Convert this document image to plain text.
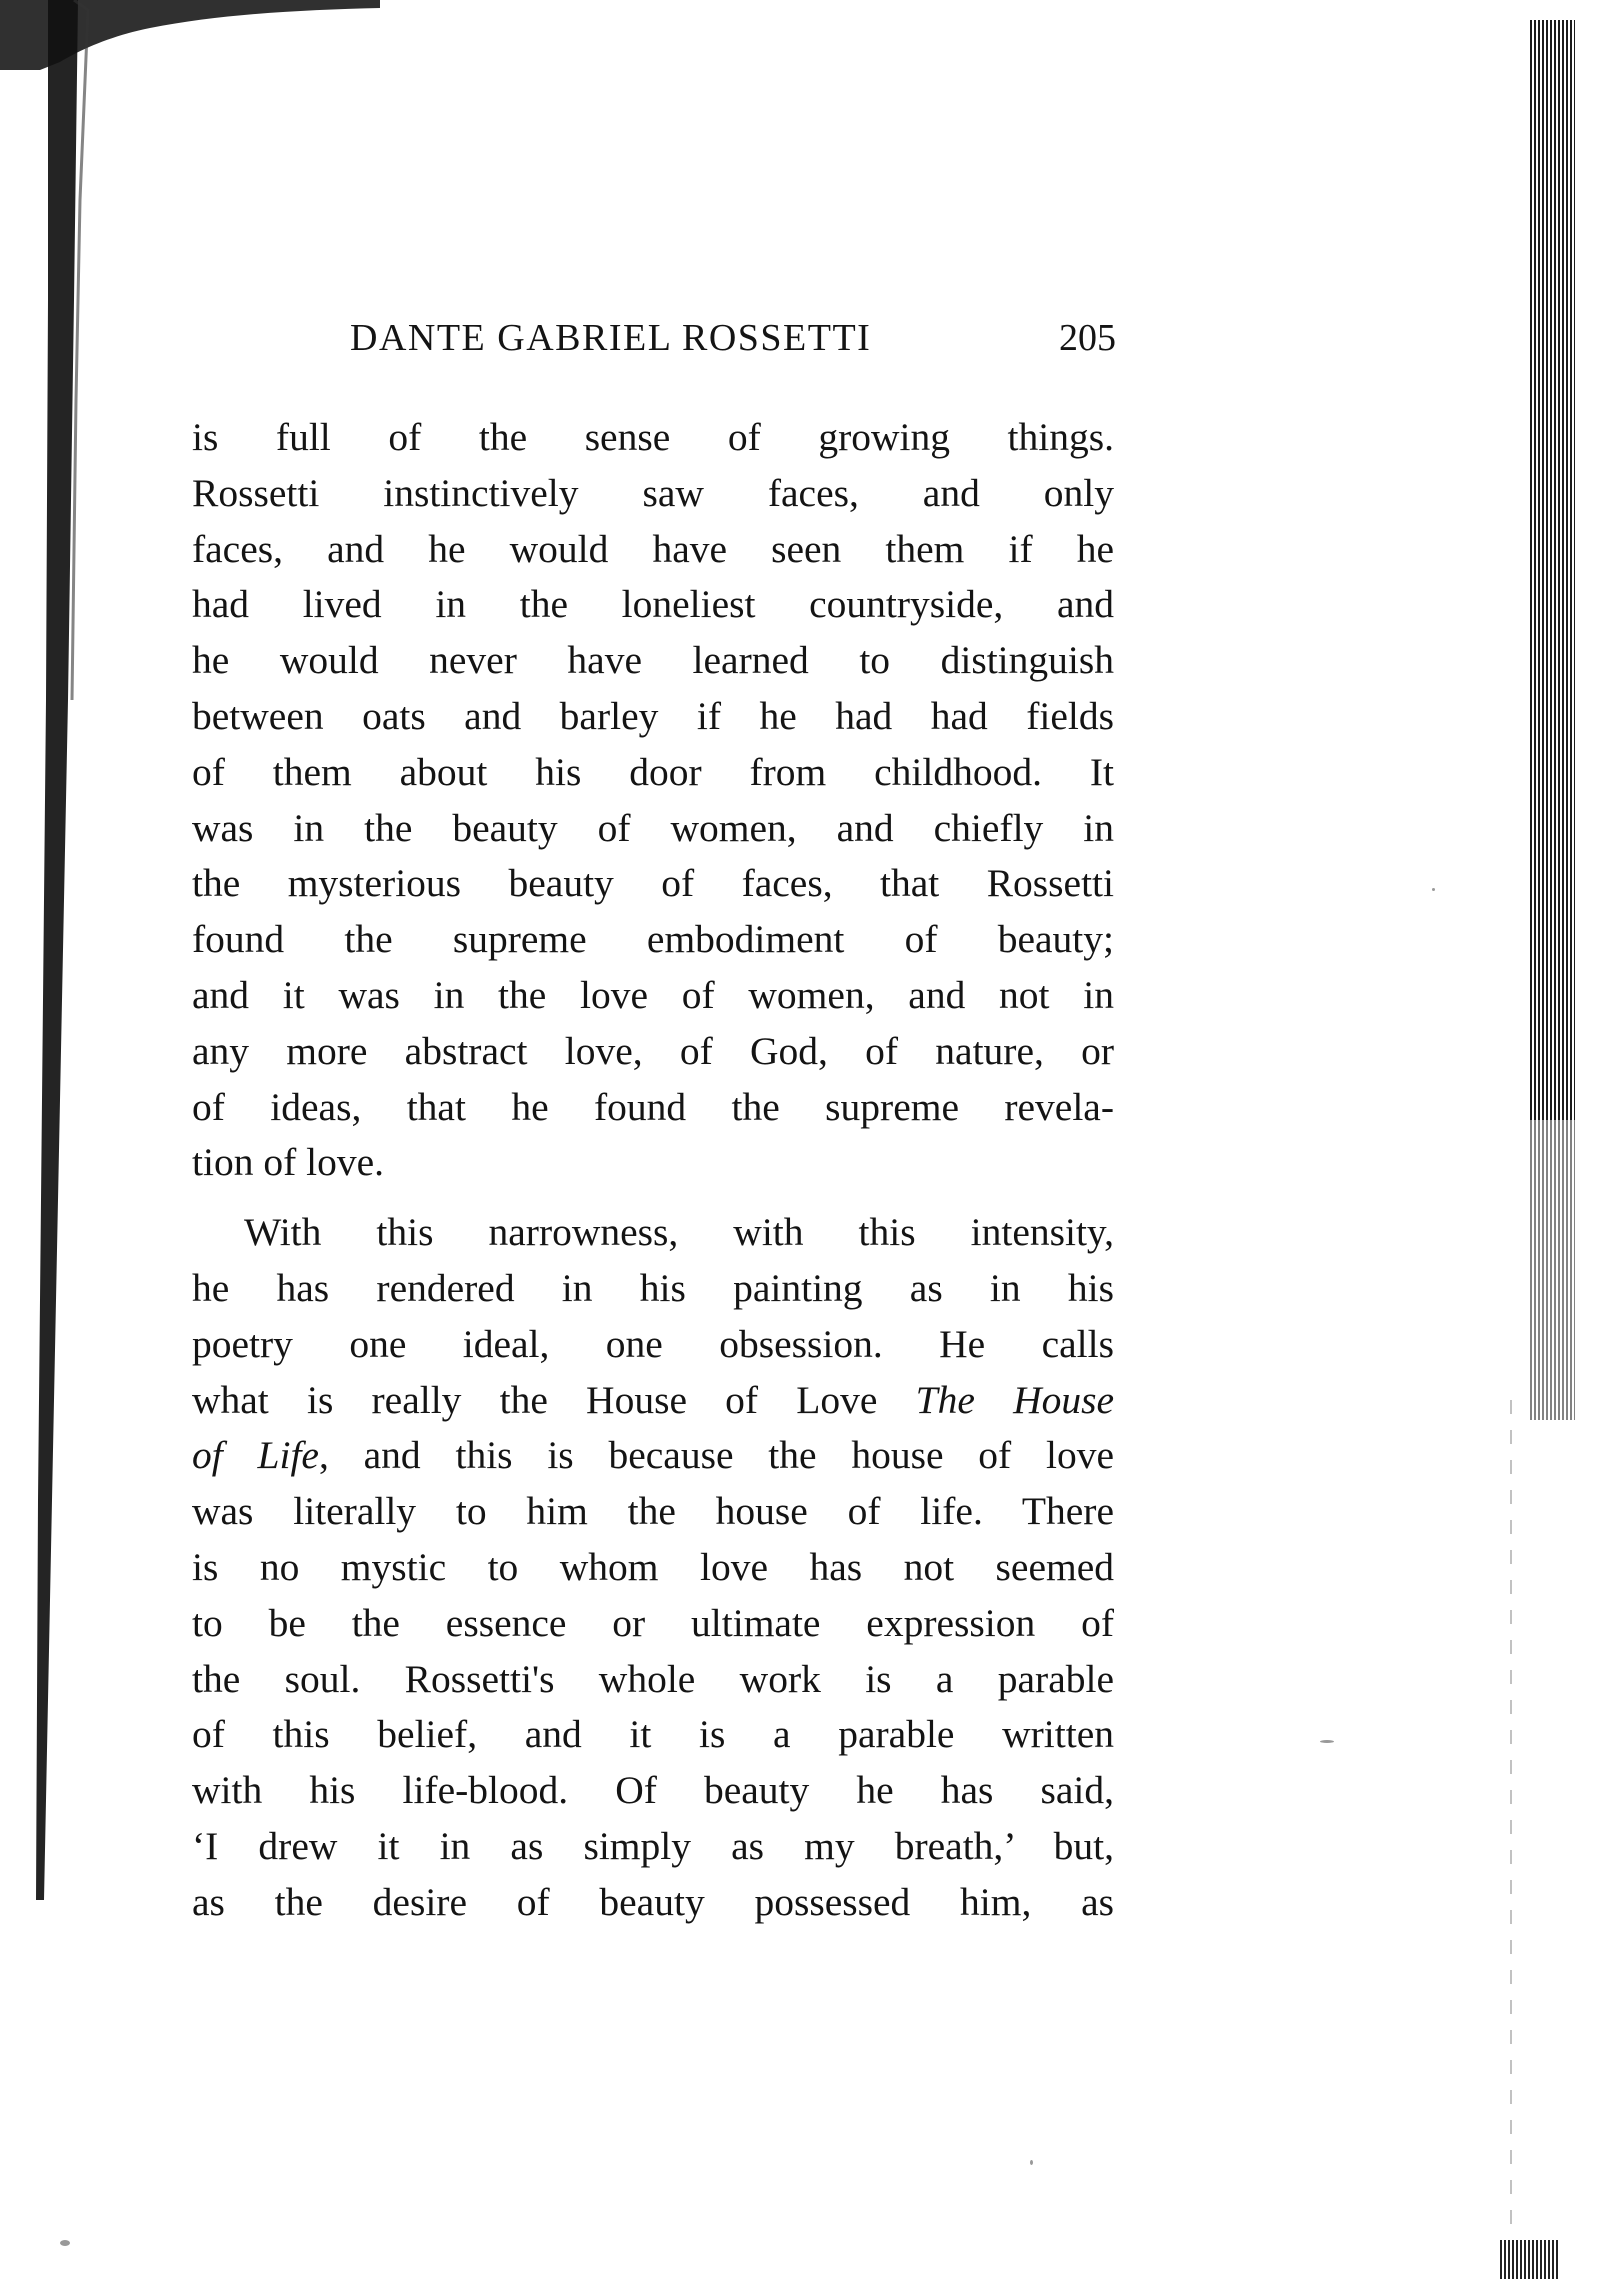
DANTE GABRIEL ROSSETTI	205
is full of the sense of growing things.
Rossetti instinctively saw faces, and only
faces, and he would have seen them if he
had lived in the loneliest countryside, and
he would never have learned to distinguish
between oats and barley if he had had fields
of them about his door from childhood. It
was in the beauty of women, and chiefly in
the mysterious beauty of faces, that Rossetti
found the supreme embodiment of beauty;
and it was in the love of women, and not in
any more abstract love, of God, of nature, or
of ideas, that he found the supreme revela-
tion of love.
With this narrowness, with this intensity,
he has rendered in his painting as in his
poetry one ideal, one obsession. He calls
what is really the House of Love The House
of Life, and this is because the house of love
was literally to him the house of life. There
is no mystic to whom love has not seemed
to be the essence or ultimate expression of
the soul. Rossetti's whole work is a parable
of this belief, and it is a parable written
with his life-blood. Of beauty he has said,
‘I drew it in as simply as my breath,’ but,
as the desire of beauty possessed him, as
